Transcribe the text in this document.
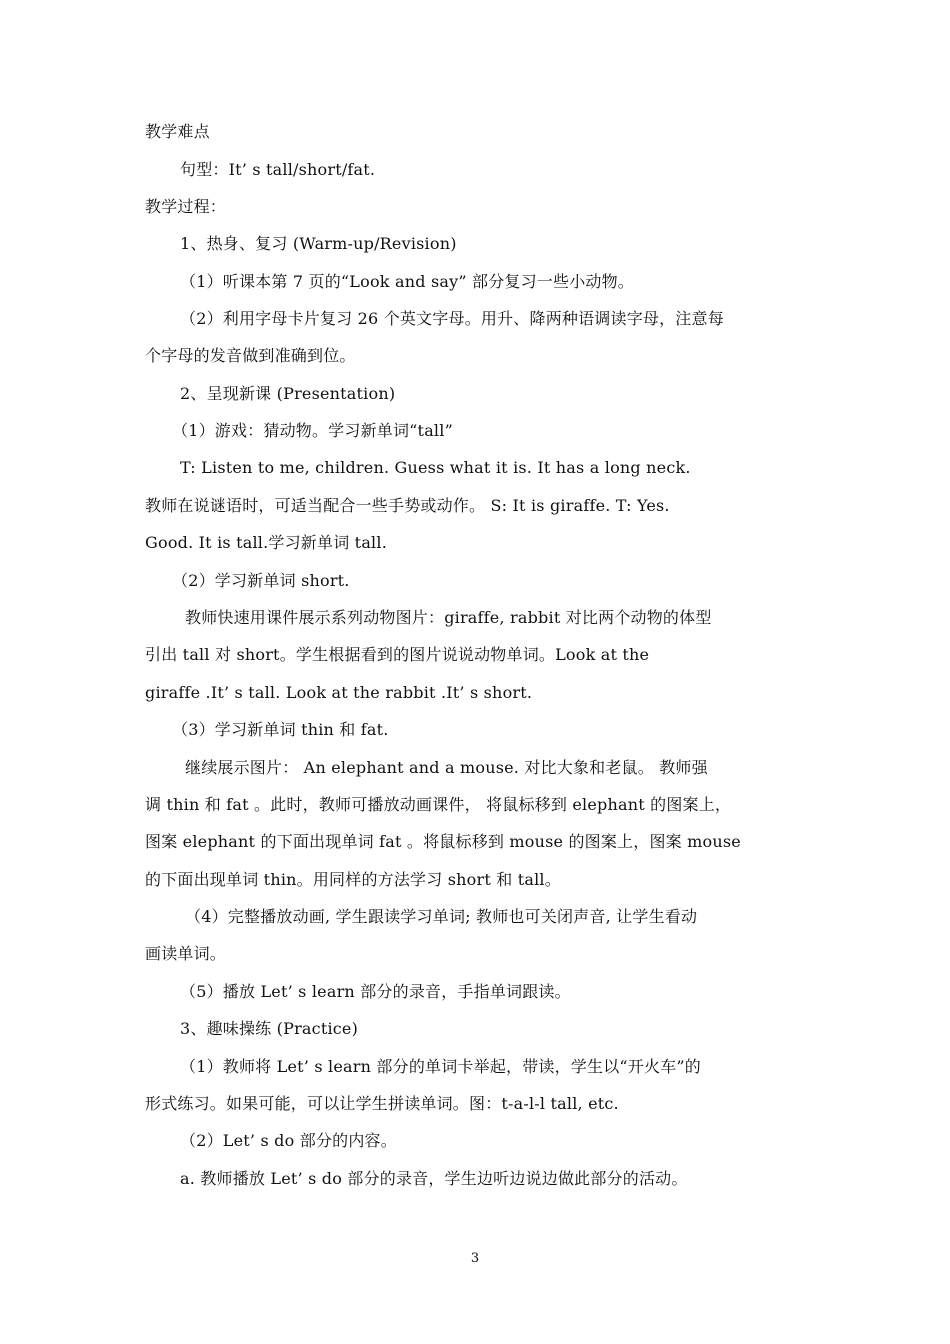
教学难点
句型：It’ s tall/short/fat.
教学过程：
1、热身、复习 (Warm-up/Revision)
（1）听课本第 7 页的“Look and say” 部分复习一些小动物。
（2）利用字母卡片复习 26 个英文字母。用升、降两种语调读字母，注意每
个字母的发音做到准确到位。
2、呈现新课 (Presentation)
（1）游戏：猜动物。学习新单词“tall”
T: Listen to me, children. Guess what it is. It has a long neck.
教师在说谜语时，可适当配合一些手势或动作。 S: It is giraffe. T: Yes.
Good. It is tall.学习新单词 tall.
（2）学习新单词 short.
教师快速用课件展示系列动物图片：giraffe, rabbit 对比两个动物的体型
引出 tall 对 short。学生根据看到的图片说说动物单词。Look at the
giraffe .It’ s tall. Look at the rabbit .It’ s short.
（3）学习新单词 thin 和 fat.
继续展示图片： An elephant and a mouse. 对比大象和老鼠。 教师强
调 thin 和 fat 。此时，教师可播放动画课件， 将鼠标移到 elephant 的图案上，
图案 elephant 的下面出现单词 fat 。将鼠标移到 mouse 的图案上，图案 mouse
的下面出现单词 thin。用同样的方法学习 short 和 tall。
（4）完整播放动画, 学生跟读学习单词; 教师也可关闭声音, 让学生看动
画读单词。
（5）播放 Let’ s learn 部分的录音，手指单词跟读。
3、趣味操练 (Practice)
（1）教师将 Let’ s learn 部分的单词卡举起，带读，学生以“开火车”的
形式练习。如果可能，可以让学生拼读单词。图：t-a-l-l tall, etc.
（2）Let’ s do 部分的内容。
a. 教师播放 Let’ s do 部分的录音，学生边听边说边做此部分的活动。
3
